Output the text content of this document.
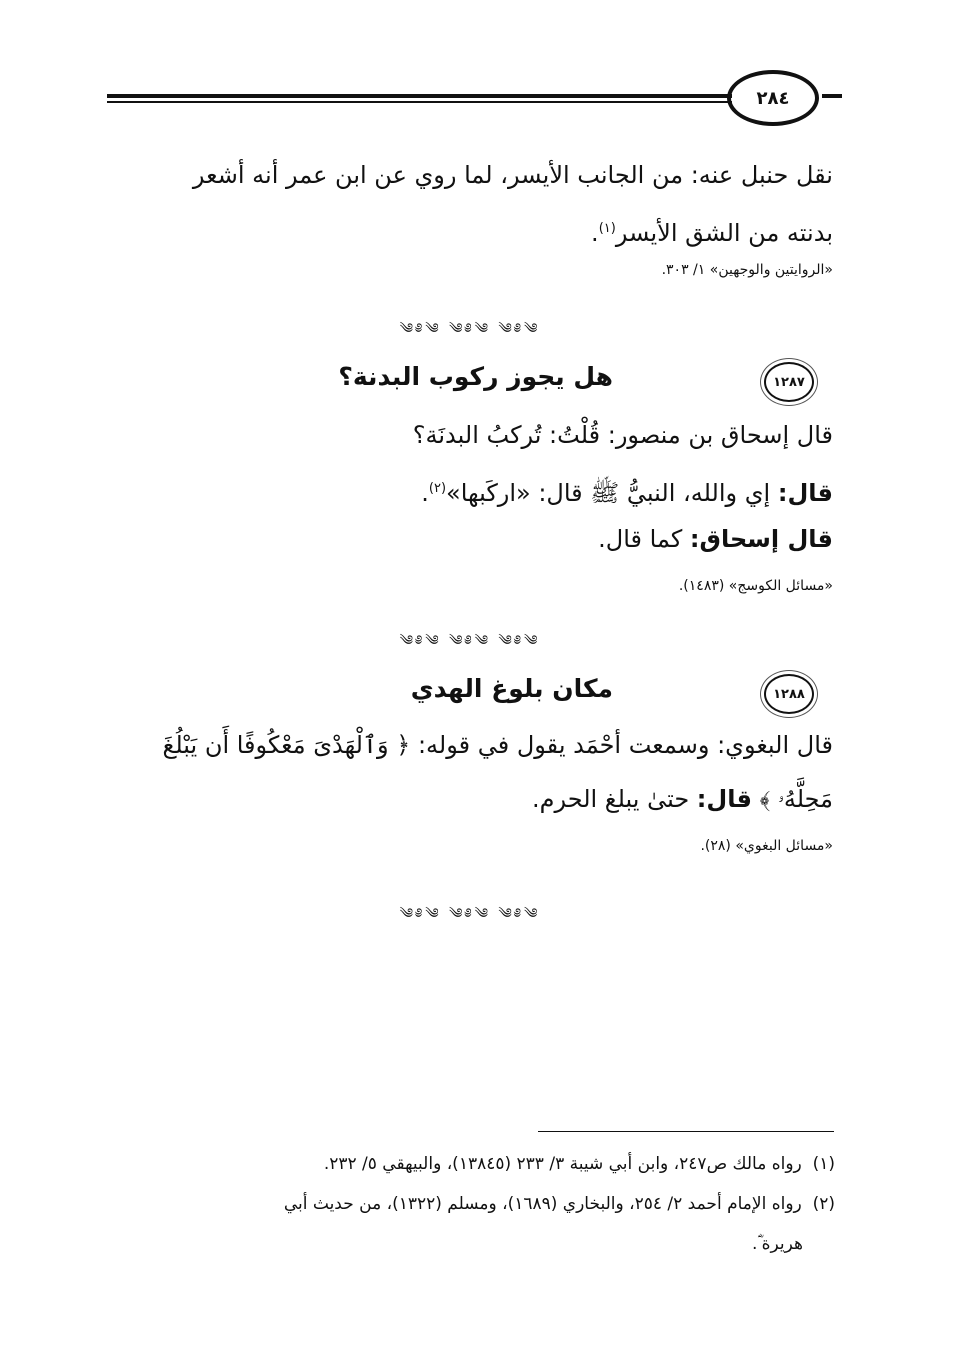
٢٨٤
نقل حنبل عنه: من الجانب الأيسر، لما روي عن ابن عمر أنه أشعر
بدنته من الشق الأيسر$^{(١)}$.
«الروايتين والوجهين» ١/ ٣٠٣.
༄༅༄ ༄༅༄ ༄༅༄
١٢٨٧
هل يجوز ركوب البدنة؟
قال إسحاق بن منصور: قُلْتُ: تُركبُ البدنَة؟
قال: إي والله، النبيُّ ﷺ قال: «اركَبها»$^{(٢)}$.
قال إسحاق: كما قال.
«مسائل الكوسج» (١٤٨٣).
༄༅༄ ༄༅༄ ༄༅༄
١٢٨٨
مكان بلوغ الهدي
قال البغوي: وسمعت أحْمَد يقول في قوله: ﴿ وَٱلْهَدْىَ مَعْكُوفًا أَن يَبْلُغَ
مَحِلَّهُۥ ﴾ قال: حتىٰ يبلغ الحرم.
«مسائل البغوي» (٢٨).
༄༅༄ ༄༅༄ ༄༅༄
(١)  رواه مالك ص٢٤٧، وابن أبي شيبة ٣/ ٢٣٣ (١٣٨٤٥)، والبيهقي ٥/ ٢٣٢.
(٢)  رواه الإمام أحمد ٢/ ٢٥٤، والبخاري (١٦٨٩)، ومسلم (١٣٢٢)، من حديث أبي
هريرة ؓ.
